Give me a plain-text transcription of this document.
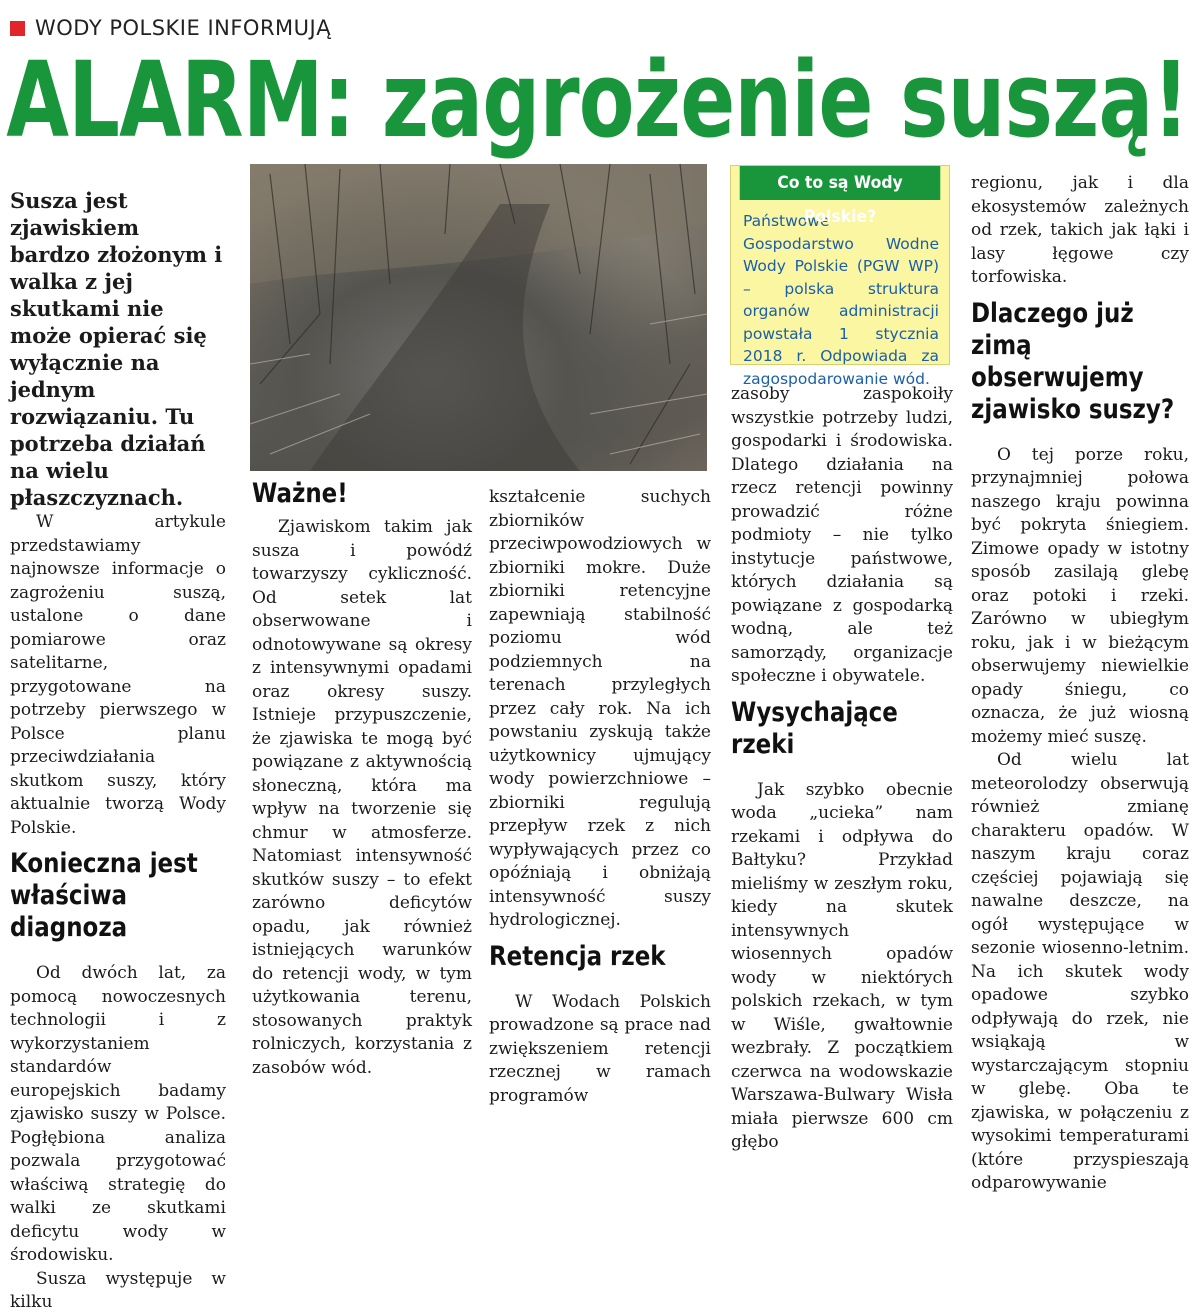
WODY POLSKIE INFORMUJĄ
ALARM: zagrożenie suszą!

Susza jest zjawiskiem bardzo złożonym i walka z jej skutkami nie może opierać się wyłącznie na jednym rozwiązaniu. Tu potrzeba działań na wielu płaszczyznach.

W artykule przedstawiamy najnowsze informacje o zagrożeniu suszą, ustalone o dane pomiarowe oraz satelitarne, przygotowane na potrzeby pierwszego w Polsce planu przeciwdziałania skutkom suszy, który aktualnie tworzą Wody Polskie.

Konieczna jest właściwa diagnoza

Od dwóch lat, za pomocą nowoczesnych technologii i z wykorzystaniem standardów europejskich badamy zjawisko suszy w Polsce. Pogłębiona analiza pozwala przygotować właściwą strategię do walki ze skutkami deficytu wody w środowisku.

Susza występuje w kilku

Ważne!

Zjawiskom takim jak susza i powódź towarzyszy cykliczność. Od setek lat obserwowane i odnotowywane są okresy z intensywnymi opadami oraz okresy suszy. Istnieje przypuszczenie, że zjawiska te mogą być powiązane z aktywnością słoneczną, która ma wpływ na tworzenie się chmur w atmosferze. Natomiast intensywność skutków suszy – to efekt zarówno deficytów opadu, jak również istniejących warunków do retencji wody, w tym użytkowania terenu, stosowanych praktyk rolniczych, korzystania z zasobów wód.

kształcenie suchych zbiorników przeciwpowodziowych w zbiorniki mokre. Duże zbiorniki retencyjne zapewniają stabilność poziomu wód podziemnych na terenach przyległych przez cały rok. Na ich powstaniu zyskują także użytkownicy ujmujący wody powierzchniowe – zbiorniki regulują przepływ rzek z nich wypływających przez co opóźniają i obniżają intensywność suszy hydrologicznej.

Retencja rzek

W Wodach Polskich prowadzone są prace nad zwiększeniem retencji rzecznej w ramach programów

Co to są Wody Polskie?
Państwowe Gospodarstwo Wodne Wody Polskie (PGW WP) – polska struktura organów administracji powstała 1 stycznia 2018 r. Odpowiada za zagospodarowanie wód.

zasoby zaspokoiły wszystkie potrzeby ludzi, gospodarki i środowiska. Dlatego działania na rzecz retencji powinny prowadzić różne podmioty – nie tylko instytucje państwowe, których działania są powiązane z gospodarką wodną, ale też samorządy, organizacje społeczne i obywatele.

Wysychające rzeki

Jak szybko obecnie woda „ucieka” nam rzekami i odpływa do Bałtyku? Przykład mieliśmy w zeszłym roku, kiedy na skutek intensywnych wiosennych opadów wody w niektórych polskich rzekach, w tym w Wiśle, gwałtownie wezbrały. Z początkiem czerwca na wodowskazie Warszawa-Bulwary Wisła miała pierwsze 600 cm głębo

regionu, jak i dla ekosystemów zależnych od rzek, takich jak łąki i lasy łęgowe czy torfowiska.

Dlaczego już zimą obserwujemy zjawisko suszy?

O tej porze roku, przynajmniej połowa naszego kraju powinna być pokryta śniegiem. Zimowe opady w istotny sposób zasilają glebę oraz potoki i rzeki. Zarówno w ubiegłym roku, jak i w bieżącym obserwujemy niewielkie opady śniegu, co oznacza, że już wiosną możemy mieć suszę.

Od wielu lat meteorolodzy obserwują również zmianę charakteru opadów. W naszym kraju coraz częściej pojawiają się nawalne deszcze, na ogół występujące w sezonie wiosenno-letnim. Na ich skutek wody opadowe szybko odpływają do rzek, nie wsiąkają w wystarczającym stopniu w glebę. Oba te zjawiska, w połączeniu z wysokimi temperaturami (które przyspieszają odparowywanie
